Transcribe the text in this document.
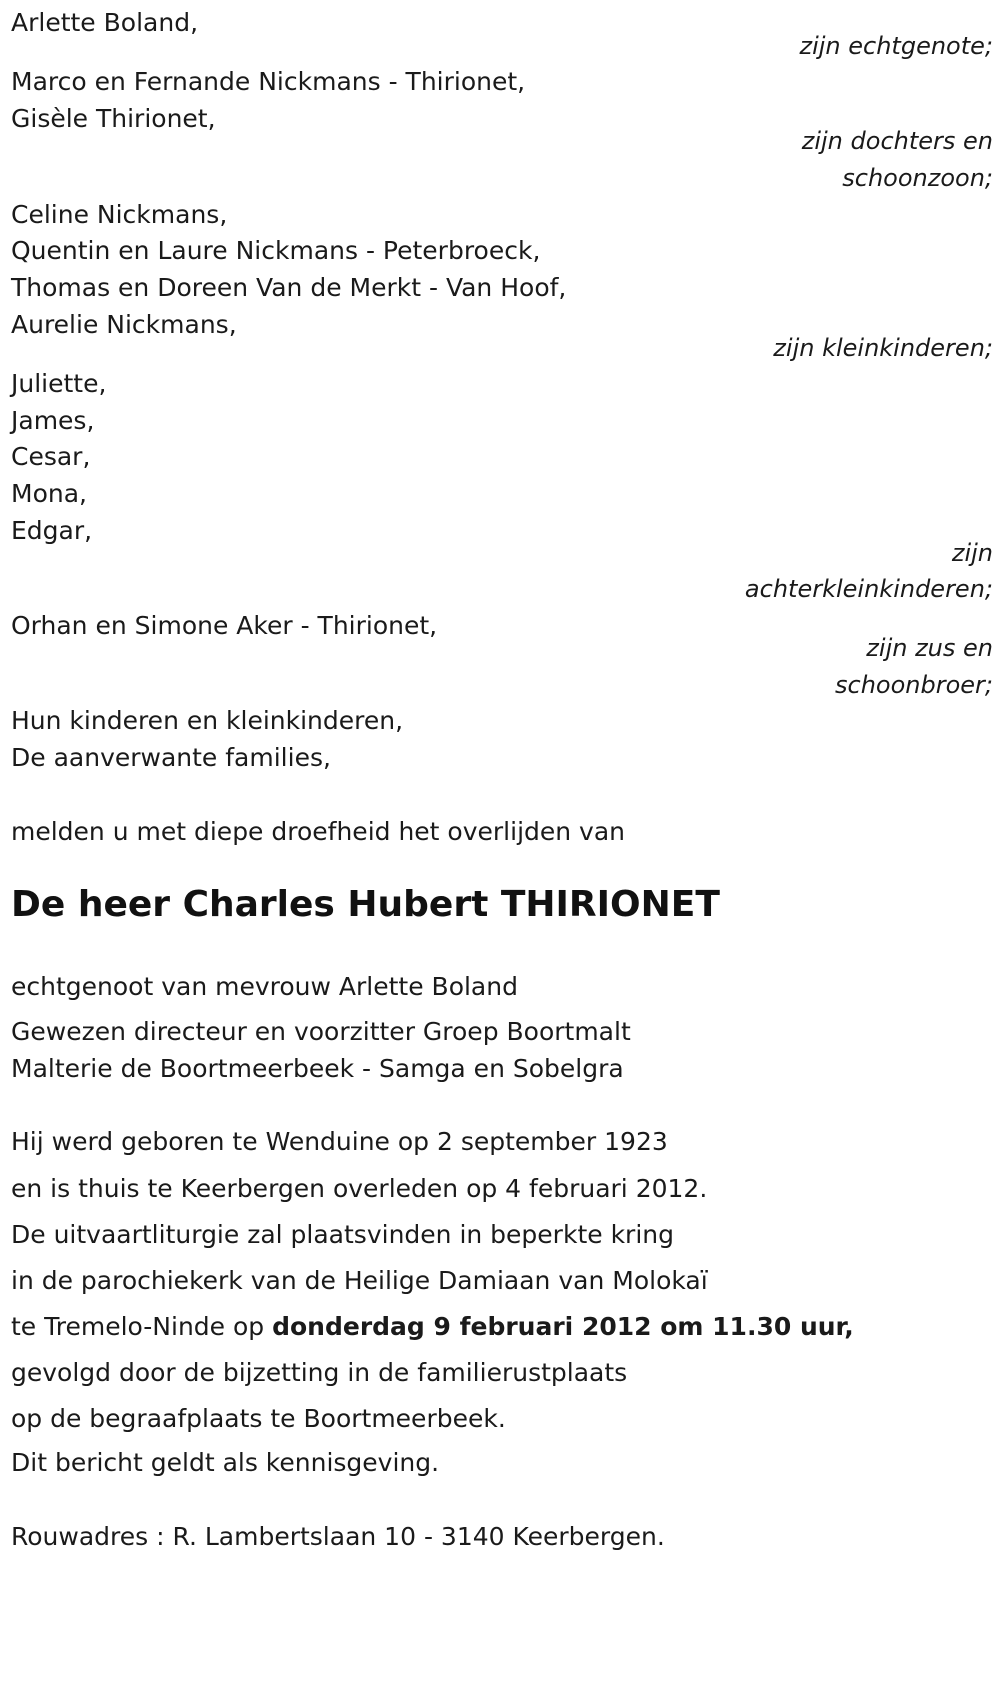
Arlette Boland,

zijn echtgenote;

Marco en Fernande Nickmans - Thirionet,

Gisèle Thirionet,

zijn dochters en

schoonzoon;

Celine Nickmans,

Quentin en Laure Nickmans - Peterbroeck,

Thomas en Doreen Van de Merkt - Van Hoof,

Aurelie Nickmans,

zijn kleinkinderen;

Juliette,

James,

Cesar,

Mona,

Edgar,

zijn

achterkleinkinderen;

Orhan en Simone Aker - Thirionet,

zijn zus en

schoonbroer;

Hun kinderen en kleinkinderen,

De aanverwante families,

melden u met diepe droefheid het overlijden van

De heer Charles Hubert THIRIONET

echtgenoot van mevrouw Arlette Boland

Gewezen directeur en voorzitter Groep Boortmalt

Malterie de Boortmeerbeek - Samga en Sobelgra

Hij werd geboren te Wenduine op 2 september 1923

en is thuis te Keerbergen overleden op 4 februari 2012.

De uitvaartliturgie zal plaatsvinden in beperkte kring

in de parochiekerk van de Heilige Damiaan van Molokaï

te Tremelo-Ninde op donderdag 9 februari 2012 om 11.30 uur,

gevolgd door de bijzetting in de familierustplaats

op de begraafplaats te Boortmeerbeek.

Dit bericht geldt als kennisgeving.

Rouwadres : R. Lambertslaan 10 - 3140 Keerbergen.
